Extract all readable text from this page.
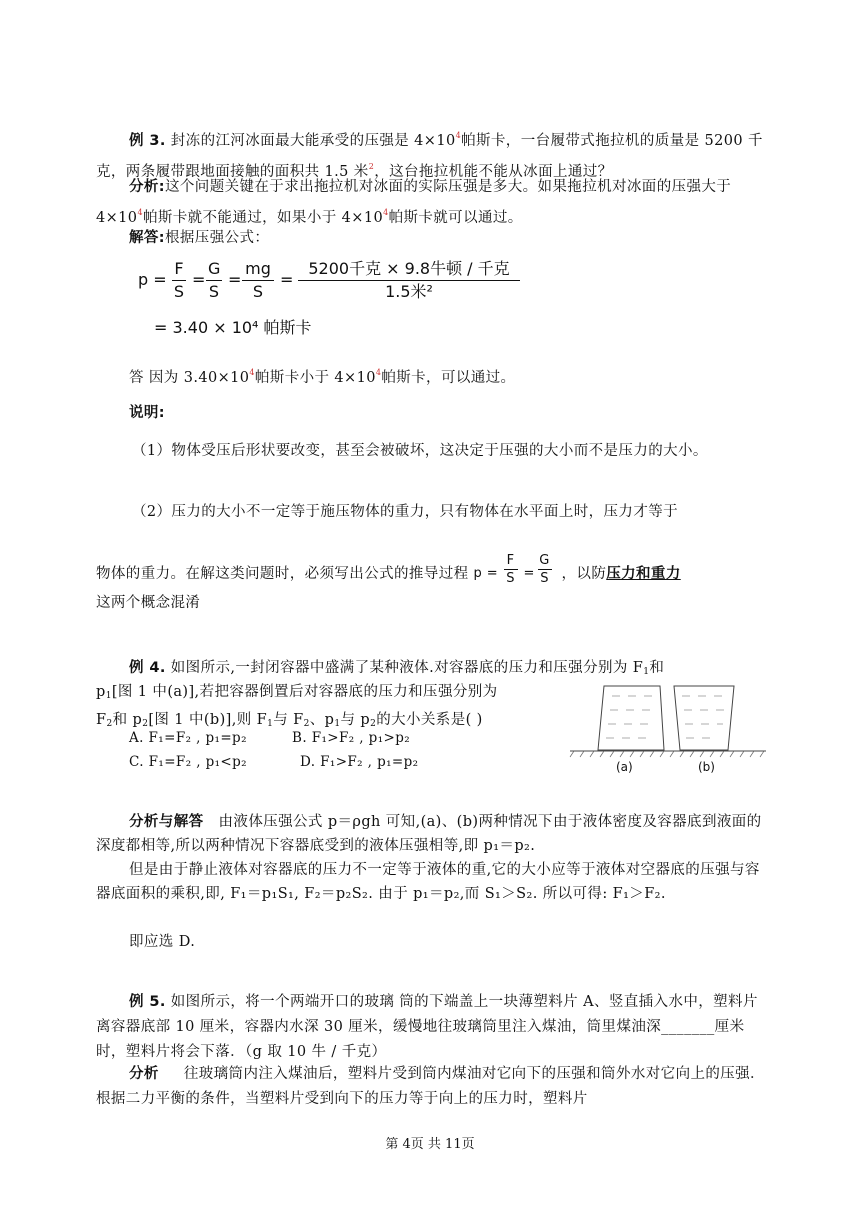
例 3. 封冻的江河冰面最大能承受的压强是 $4\times 10^4$帕斯卡，一台履带式拖拉机的质量是 5200 千克，两条履带跟地面接触的面积共 1.5 米$^2$，这台拖拉机能不能从冰面上通过？
分析:这个问题关键在于求出拖拉机对冰面的实际压强是多大。如果拖拉机对冰面的压强大于 $4\times 10^4$帕斯卡就不能通过，如果小于 $4\times 10^4$帕斯卡就可以通过。
解答:根据压强公式：
$p = \frac{F}{S} = \frac{G}{S} = \frac{mg}{S}$ =
5200千克 × 9.8牛顿 / 千克
1.5米²
= 3.40 × 10⁴ 帕斯卡
答 因为 $3.40\times 10^4$帕斯卡小于 $4\times 10^4$帕斯卡，可以通过。
说明:
（1）物体受压后形状要改变，甚至会被破坏，这决定于压强的大小而不是压力的大小。
（2）压力的大小不一定等于施压物体的重力，只有物体在水平面上时，压力才等于
物体的重力。在解这类问题时，必须写出公式的推导过程 $p = \frac{F}{S} = \frac{G}{S}$ ，以防压力和重力
这两个概念混淆
例 4. 如图所示,一封闭容器中盛满了某种液体.对容器底的压力和压强分别为 $F_1$和
$p_1$[图 1 中(a)],若把容器倒置后对容器底的压力和压强分别为
$F_2$和 $p_2$[图 1 中(b)],则 $F_1$与 $F_2$、$p_1$与 $p_2$的大小关系是( )
A. F₁=F₂ , p₁=p₂
C. F₁=F₂ , p₁<p₂
B. F₁>F₂ , p₁>p₂
D. F₁>F₂ , p₁=p₂	(a)	(b)
分析与解答 由液体压强公式 p＝ρgh 可知,(a)、(b)两种情况下由于液体密度及容器底到液面的深度都相等,所以两种情况下容器底受到的液体压强相等,即 p₁＝p₂.
但是由于静止液体对容器底的压力不一定等于液体的重,它的大小应等于液体对空器底的压强与容器底面积的乘积,即, F₁＝p₁S₁, F₂＝p₂S₂. 由于 p₁＝p₂,而 S₁＞S₂. 所以可得: F₁＞F₂.
即应选 D.
例 5. 如图所示，将一个两端开口的玻璃 筒的下端盖上一块薄塑料片 A、竖直插入水中，塑料片离容器底部 10 厘米，容器内水深 30 厘米，缓慢地往玻璃筒里注入煤油，筒里煤油深_______厘米时，塑料片将会下落．（g 取 10 牛 / 千克）
分析 往玻璃筒内注入煤油后，塑料片受到筒内煤油对它向下的压强和筒外水对它向上的压强．根据二力平衡的条件，当塑料片受到向下的压力等于向上的压力时，塑料片
第 4页 共 11页
